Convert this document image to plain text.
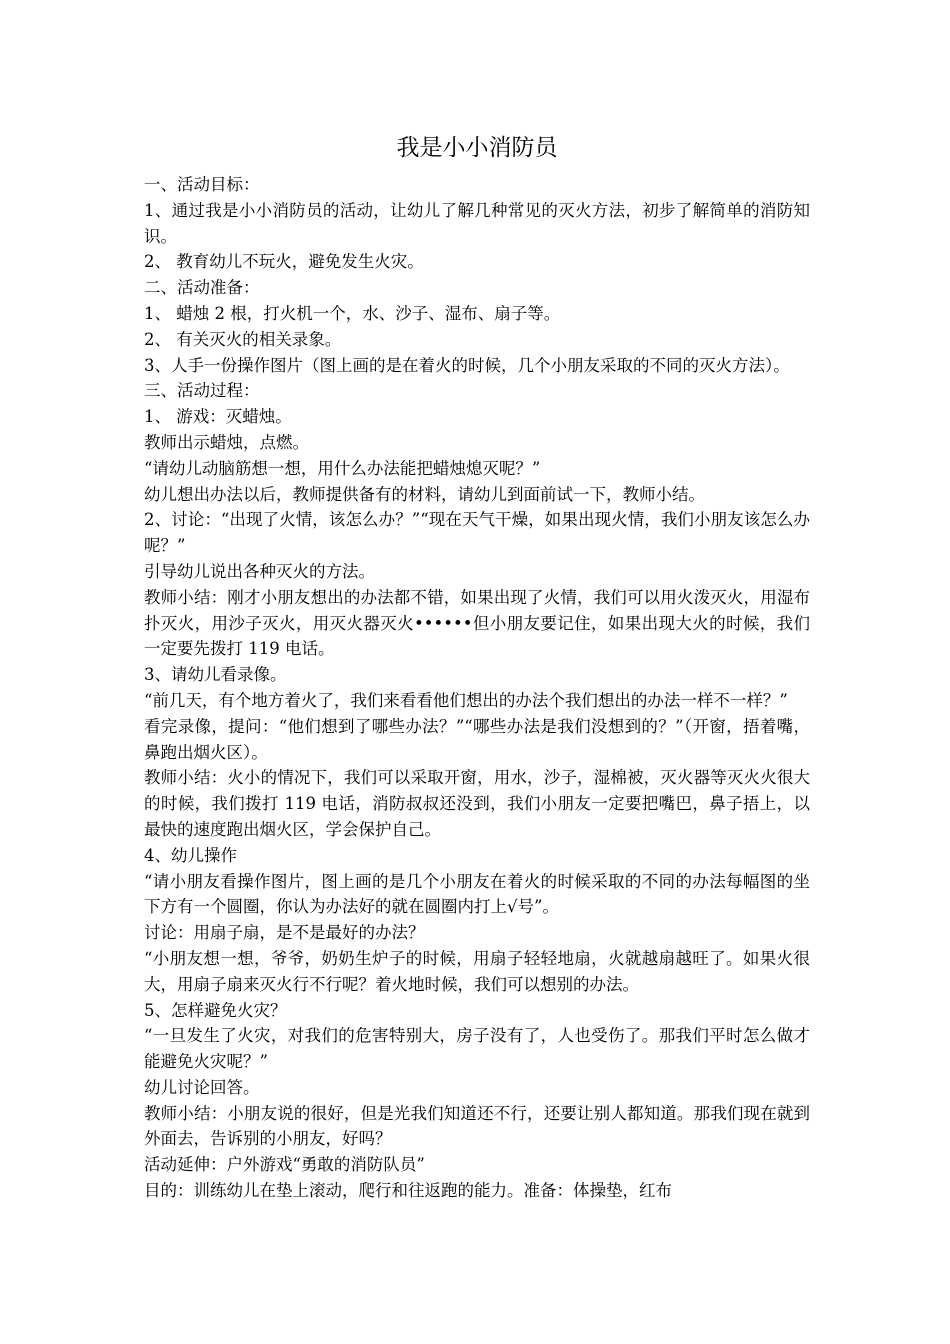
我是小小消防员

一、活动目标：

1、通过我是小小消防员的活动，让幼儿了解几种常见的灭火方法，初步了解简单的消防知识。

2、 教育幼儿不玩火，避免发生火灾。

二、活动准备：

1、 蜡烛 2 根，打火机一个，水、沙子、湿布、扇子等。

2、 有关灭火的相关录象。

3、人手一份操作图片（图上画的是在着火的时候，几个小朋友采取的不同的灭火方法）。

三、活动过程：

1、 游戏：灭蜡烛。

教师出示蜡烛，点燃。

“请幼儿动脑筋想一想，用什么办法能把蜡烛熄灭呢？”

幼儿想出办法以后，教师提供备有的材料，请幼儿到面前试一下，教师小结。

2、讨论：“出现了火情，该怎么办？”“现在天气干燥，如果出现火情，我们小朋友该怎么办呢？”

引导幼儿说出各种灭火的方法。

教师小结：刚才小朋友想出的办法都不错，如果出现了火情，我们可以用火泼灭火，用湿布扑灭火，用沙子灭火，用灭火器灭火••••••但小朋友要记住，如果出现大火的时候，我们一定要先拨打 119 电话。

3、请幼儿看录像。

“前几天，有个地方着火了，我们来看看他们想出的办法个我们想出的办法一样不一样？”

看完录像，提问：“他们想到了哪些办法？”“哪些办法是我们没想到的？”（开窗，捂着嘴，鼻跑出烟火区）。

教师小结：火小的情况下，我们可以采取开窗，用水，沙子，湿棉被，灭火器等灭火火很大的时候，我们拨打 119 电话，消防叔叔还没到，我们小朋友一定要把嘴巴，鼻子捂上，以最快的速度跑出烟火区，学会保护自己。

4、幼儿操作

“请小朋友看操作图片，图上画的是几个小朋友在着火的时候采取的不同的办法每幅图的坐下方有一个圆圈，你认为办法好的就在圆圈内打上√号”。

讨论：用扇子扇，是不是最好的办法？

“小朋友想一想，爷爷，奶奶生炉子的时候，用扇子轻轻地扇，火就越扇越旺了。如果火很大，用扇子扇来灭火行不行呢？着火地时候，我们可以想别的办法。

5、怎样避免火灾？

“一旦发生了火灾，对我们的危害特别大，房子没有了，人也受伤了。那我们平时怎么做才能避免火灾呢？”

幼儿讨论回答。

教师小结：小朋友说的很好，但是光我们知道还不行，还要让别人都知道。那我们现在就到外面去，告诉别的小朋友，好吗？

活动延伸：户外游戏“勇敢的消防队员”

目的：训练幼儿在垫上滚动，爬行和往返跑的能力。准备：体操垫，红布
